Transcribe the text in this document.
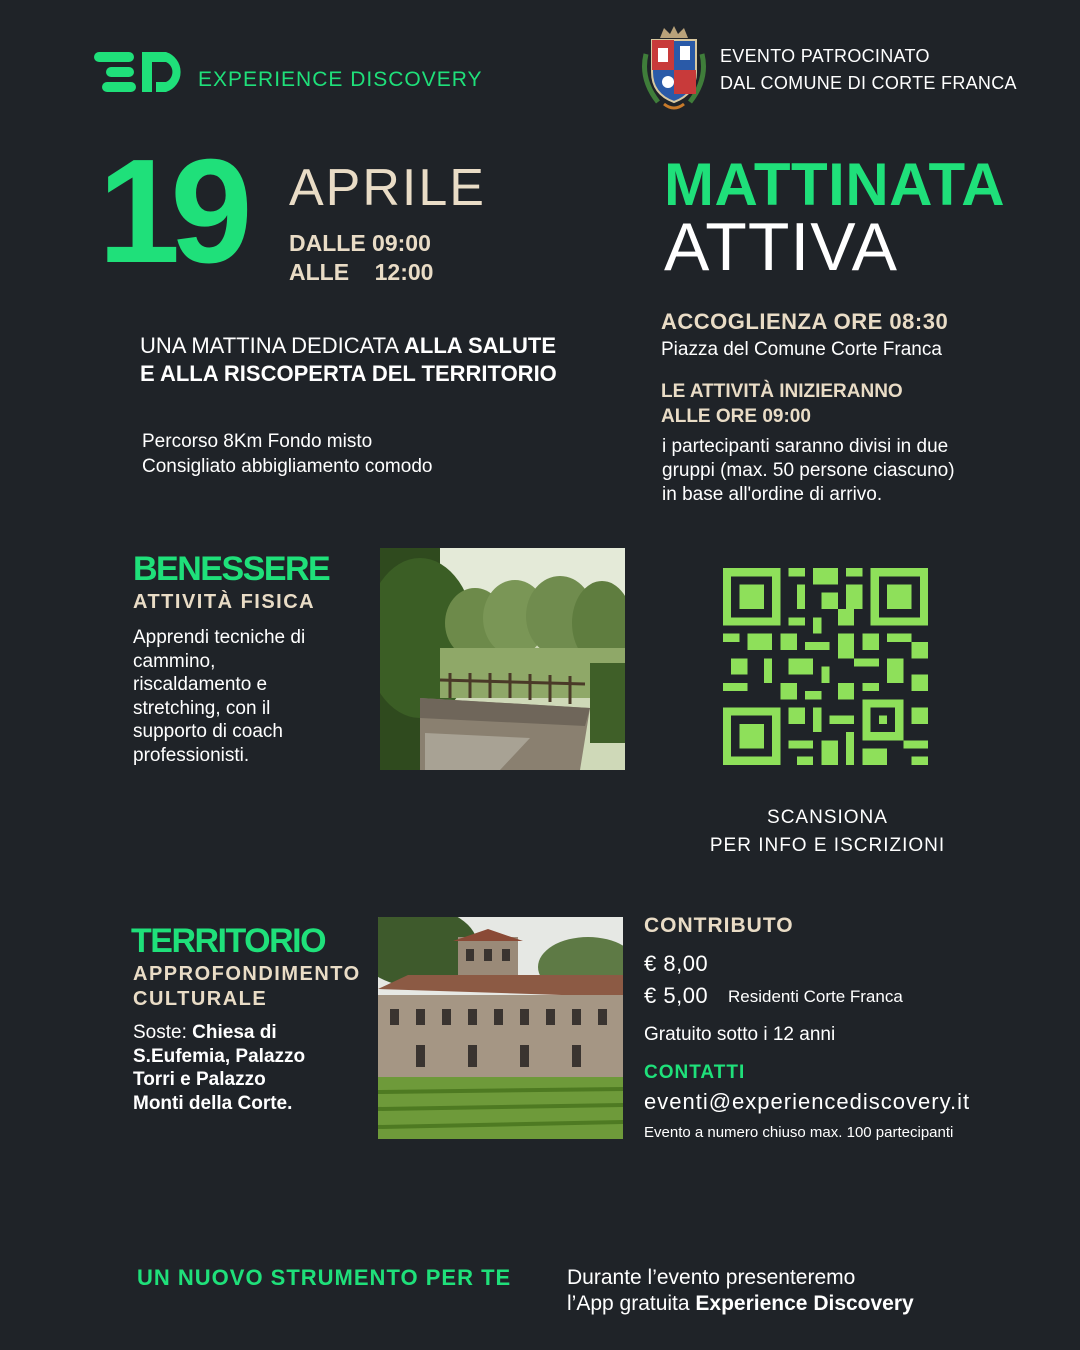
EXPERIENCE DISCOVERY
EVENTO PATROCINATO
DAL COMUNE DI CORTE FRANCA
19 APRILE
DALLE 09:00
ALLE    12:00
MATTINATA
ATTIVA
UNA MATTINA DEDICATA ALLA SALUTE E ALLA RISCOPERTA DEL TERRITORIO
Percorso 8Km Fondo misto
Consigliato abbigliamento comodo
ACCOGLIENZA ORE 08:30
Piazza del Comune Corte Franca
LE ATTIVITÀ INIZIERANNO
ALLE ORE 09:00
i partecipanti saranno divisi in due
gruppi (max. 50 persone ciascuno)
in base all'ordine di arrivo.
BENESSERE
ATTIVITÀ FISICA
Apprendi tecniche di
cammino,
riscaldamento e
stretching, con il
supporto di coach
professionisti.
SCANSIONA
PER INFO E ISCRIZIONI
TERRITORIO
APPROFONDIMENTO
CULTURALE
Soste: Chiesa di
S.Eufemia, Palazzo
Torri e Palazzo
Monti della Corte.
CONTRIBUTO
€ 8,00
€ 5,00 Residenti Corte Franca
Gratuito sotto i 12 anni
CONTATTI
eventi@experiencediscovery.it
Evento a numero chiuso max. 100 partecipanti
UN NUOVO STRUMENTO PER TE	Durante l’evento presenteremo
l’App gratuita Experience Discovery
